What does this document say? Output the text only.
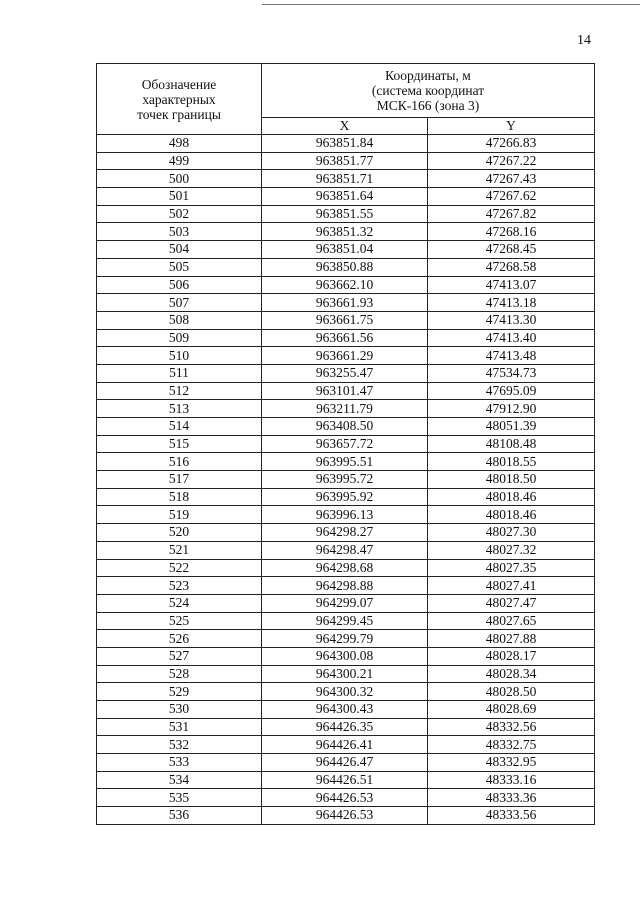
14
Обозначение
характерных
точек границы	Координаты, м
(система координат
МСК-166 (зона 3)	
	X	Y
498	963851.84	47266.83
499	963851.77	47267.22
500	963851.71	47267.43
501	963851.64	47267.62
502	963851.55	47267.82
503	963851.32	47268.16
504	963851.04	47268.45
505	963850.88	47268.58
506	963662.10	47413.07
507	963661.93	47413.18
508	963661.75	47413.30
509	963661.56	47413.40
510	963661.29	47413.48
511	963255.47	47534.73
512	963101.47	47695.09
513	963211.79	47912.90
514	963408.50	48051.39
515	963657.72	48108.48
516	963995.51	48018.55
517	963995.72	48018.50
518	963995.92	48018.46
519	963996.13	48018.46
520	964298.27	48027.30
521	964298.47	48027.32
522	964298.68	48027.35
523	964298.88	48027.41
524	964299.07	48027.47
525	964299.45	48027.65
526	964299.79	48027.88
527	964300.08	48028.17
528	964300.21	48028.34
529	964300.32	48028.50
530	964300.43	48028.69
531	964426.35	48332.56
532	964426.41	48332.75
533	964426.47	48332.95
534	964426.51	48333.16
535	964426.53	48333.36
536	964426.53	48333.56
